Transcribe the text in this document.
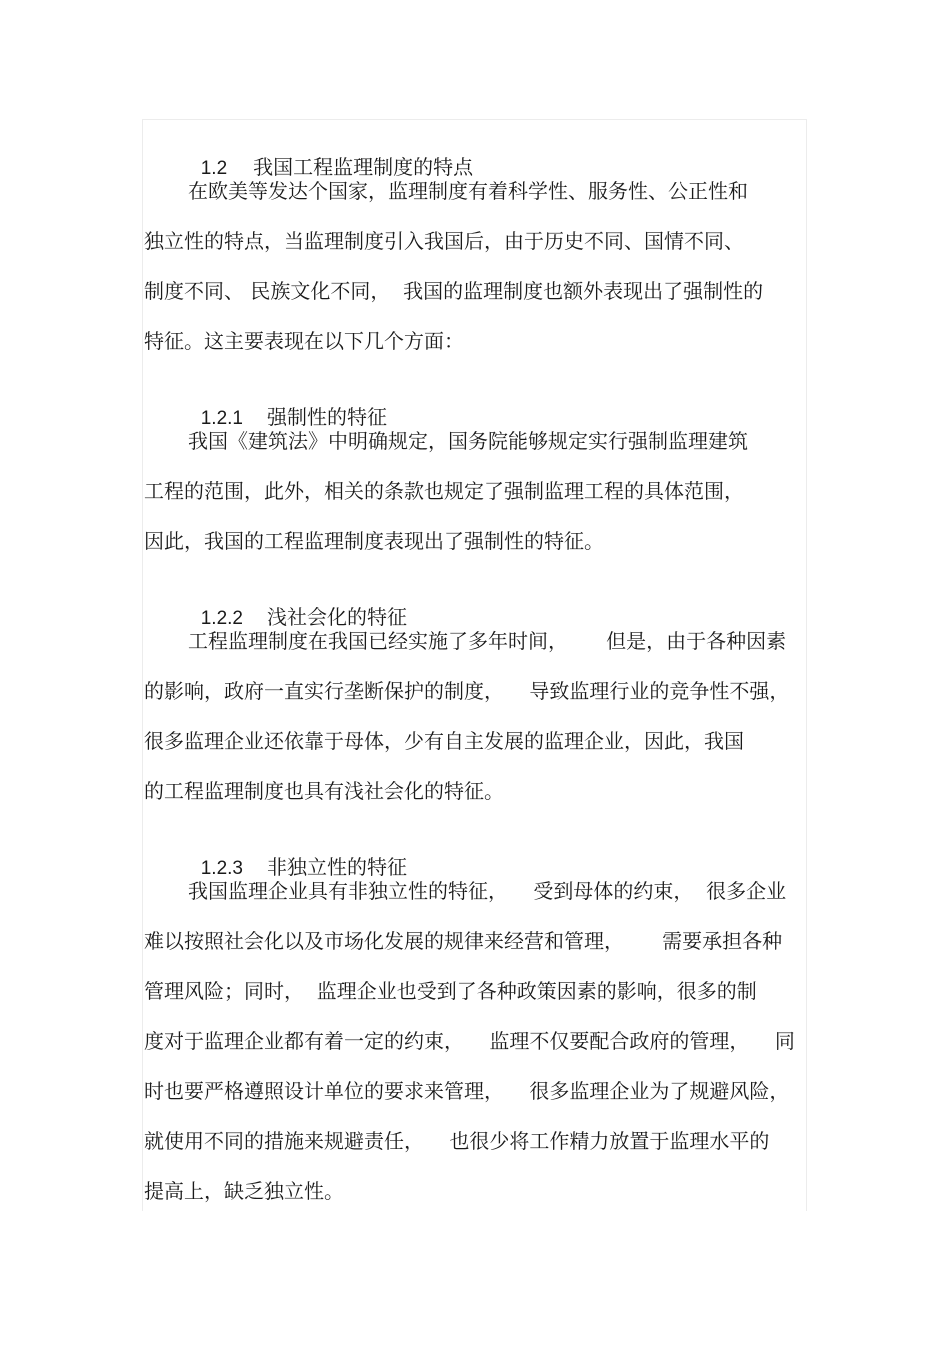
1.2 我国工程监理制度的特点

在欧美等发达个国家，监理制度有着科学性、服务性、公正性和
独立性的特点，当监理制度引入我国后，由于历史不同、国情不同、
制度不同、 民族文化不同，  我国的监理制度也额外表现出了强制性的
特征。这主要表现在以下几个方面：

1.2.1 强制性的特征

我国《建筑法》中明确规定，国务院能够规定实行强制监理建筑
工程的范围，此外，相关的条款也规定了强制监理工程的具体范围，
因此，我国的工程监理制度表现出了强制性的特征。

1.2.2 浅社会化的特征

工程监理制度在我国已经实施了多年时间，      但是，由于各种因素
的影响，政府一直实行垄断保护的制度，    导致监理行业的竞争性不强，
很多监理企业还依靠于母体，少有自主发展的监理企业，因此，我国
的工程监理制度也具有浅社会化的特征。

1.2.3 非独立性的特征

我国监理企业具有非独立性的特征，    受到母体的约束，  很多企业
难以按照社会化以及市场化发展的规律来经营和管理，      需要承担各种
管理风险；同时，  监理企业也受到了各种政策因素的影响，很多的制
度对于监理企业都有着一定的约束，    监理不仅要配合政府的管理，    同
时也要严格遵照设计单位的要求来管理，    很多监理企业为了规避风险，
就使用不同的措施来规避责任，    也很少将工作精力放置于监理水平的
提高上，缺乏独立性。
